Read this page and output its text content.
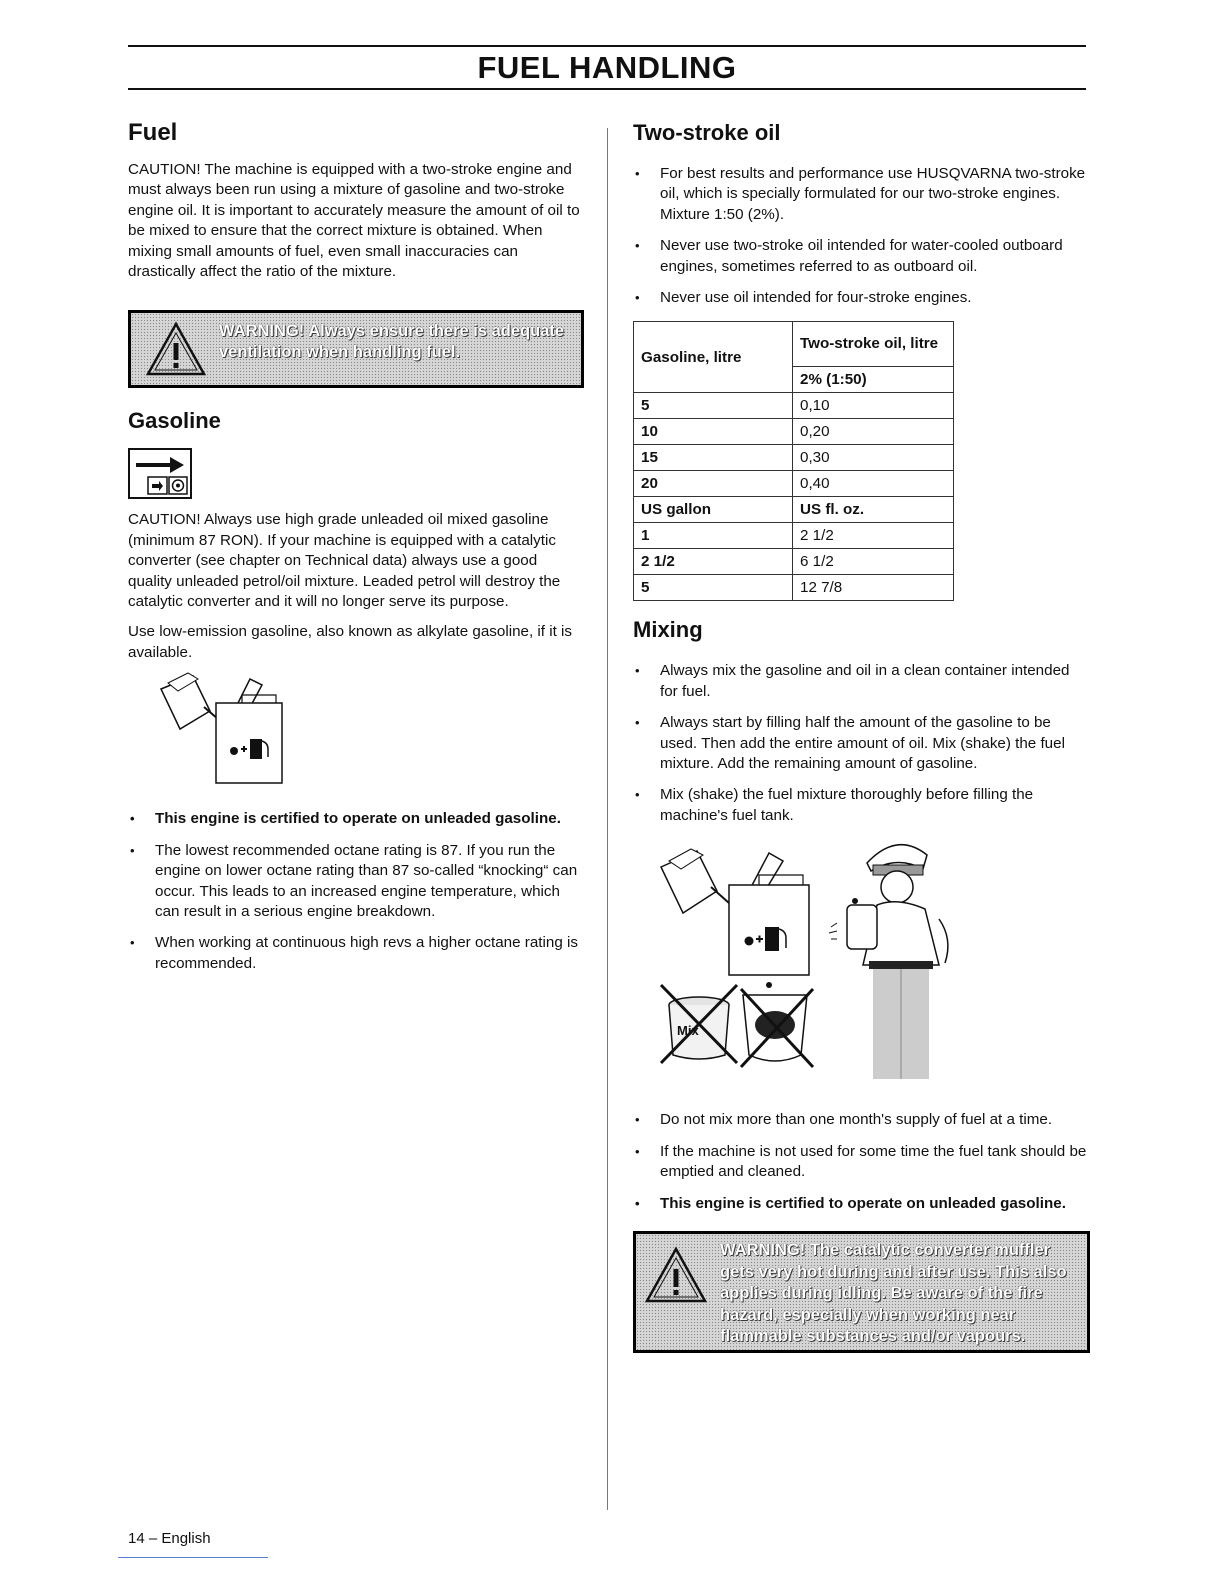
FUEL HANDLING
Fuel

CAUTION! The machine is equipped with a two-stroke engine and must always been run using a mixture of gasoline and two-stroke engine oil. It is important to accurately measure the amount of oil to be mixed to ensure that the correct mixture is obtained. When mixing small amounts of fuel, even small inaccuracies can drastically affect the ratio of the mixture.

WARNING! Always ensure there is adequate
ventilation when handling fuel.
Gasoline

CAUTION! Always use high grade unleaded oil mixed gasoline (minimum 87 RON). If your machine is equipped with a catalytic converter (see chapter on Technical data) always use a good quality unleaded petrol/oil mixture. Leaded petrol will destroy the catalytic converter and it will no longer serve its purpose.

Use low-emission gasoline, also known as alkylate gasoline, if it is available.

• This engine is certified to operate on unleaded gasoline.
• The lowest recommended octane rating is 87. If you run the engine on lower octane rating than 87 so-called “knocking“ can occur. This leads to an increased engine temperature, which can result in a serious engine breakdown.
• When working at continuous high revs a higher octane rating is recommended.
Two-stroke oil
• For best results and performance use HUSQVARNA two-stroke oil, which is specially formulated for our two-stroke engines. Mixture 1:50 (2%).
• Never use two-stroke oil intended for water-cooled outboard engines, sometimes referred to as outboard oil.
• Never use oil intended for four-stroke engines.
Gasoline, litre	Two-stroke oil, litre
	2% (1:50)
5	0,10
10	0,20
15	0,30
20	0,40
US gallon	US fl. oz.
1	2 1/2
2 1/2	6 1/2
5	12 7/8
Mixing
• Always mix the gasoline and oil in a clean container intended for fuel.
• Always start by filling half the amount of the gasoline to be used. Then add the entire amount of oil. Mix (shake) the fuel mixture. Add the remaining amount of gasoline.
• Mix (shake) the fuel mixture thoroughly before filling the machine's fuel tank.
Mix
• Do not mix more than one month's supply of fuel at a time.
• If the machine is not used for some time the fuel tank should be emptied and cleaned.
• This engine is certified to operate on unleaded gasoline.
WARNING! The catalytic converter muffler
gets very hot during and after use. This also
applies during idling. Be aware of the fire
hazard, especially when working near
flammable substances and/or vapours.
14 – English
